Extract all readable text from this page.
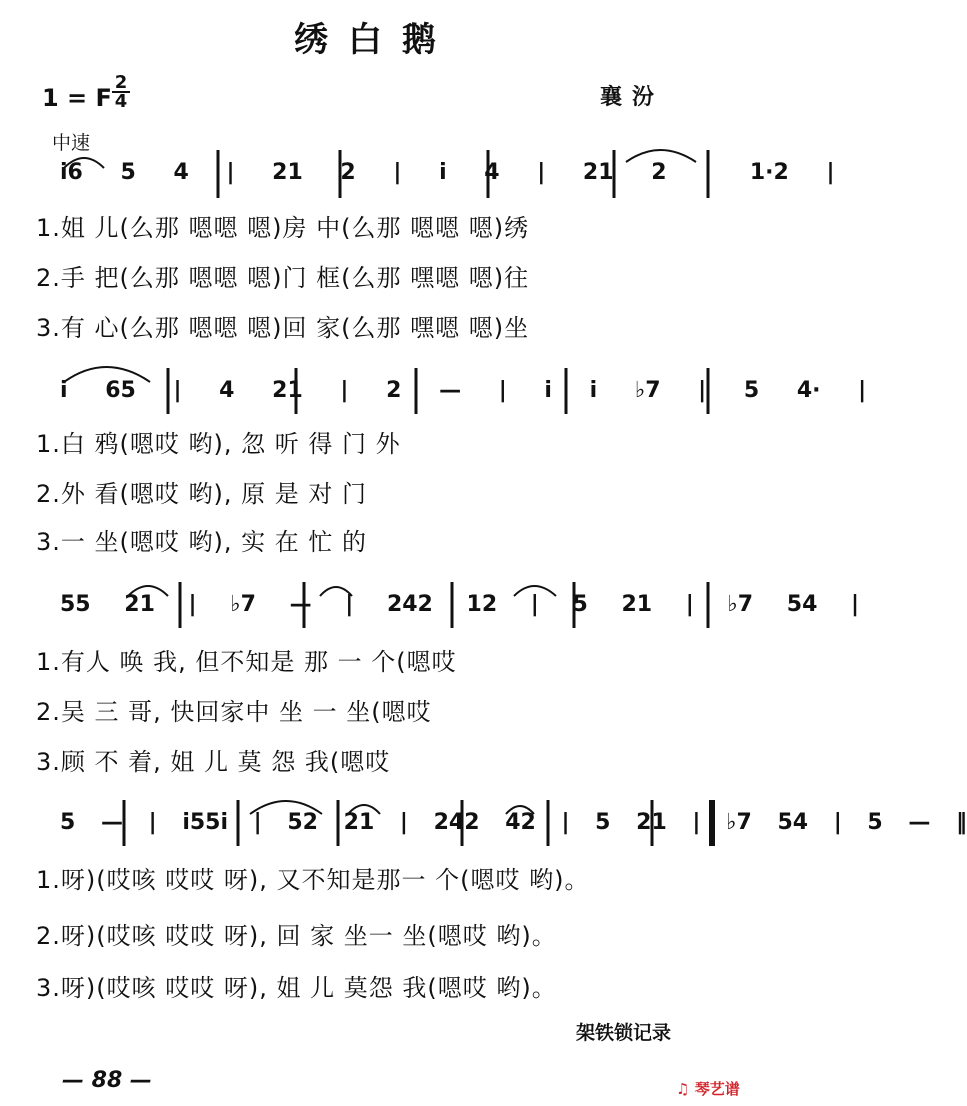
绣白鹅
1 = F
2
4	襄汾
中速
i6 5 4 | 21 2 | i 4 | 21 2 | 1·2 |
1.姐 儿(么那 嗯嗯 嗯)房 中(么那 嗯嗯 嗯)绣
2.手 把(么那 嗯嗯 嗯)门 框(么那 嘿嗯 嗯)往
3.有 心(么那 嗯嗯 嗯)回 家(么那 嘿嗯 嗯)坐
i 65 | 4 21 | 2 — | i i ♭7 | 5 4· |
1.白 鸦(嗯哎 哟), 忽 听 得 门 外
2.外 看(嗯哎 哟), 原 是 对 门
3.一 坐(嗯哎 哟), 实 在 忙 的
55 21 | ♭7 — | 242 12 | 5 21 | ♭7 54 |
1.有人 唤 我, 但不知是 那 一 个(嗯哎
2.吴 三 哥, 快回家中 坐 一 坐(嗯哎
3.顾 不 着, 姐 儿 莫 怨 我(嗯哎
5 — | i55i | 52 21 | 242 42 | 5 21 | ♭7 54 | 5 — ‖
1.呀)(哎咳 哎哎 呀), 又不知是那一 个(嗯哎 哟)。
2.呀)(哎咳 哎哎 呀), 回 家 坐一 坐(嗯哎 哟)。
3.呀)(哎咳 哎哎 呀), 姐 儿 莫怨 我(嗯哎 哟)。
架铁锁记录
— 88 —	♫ 琴艺谱
